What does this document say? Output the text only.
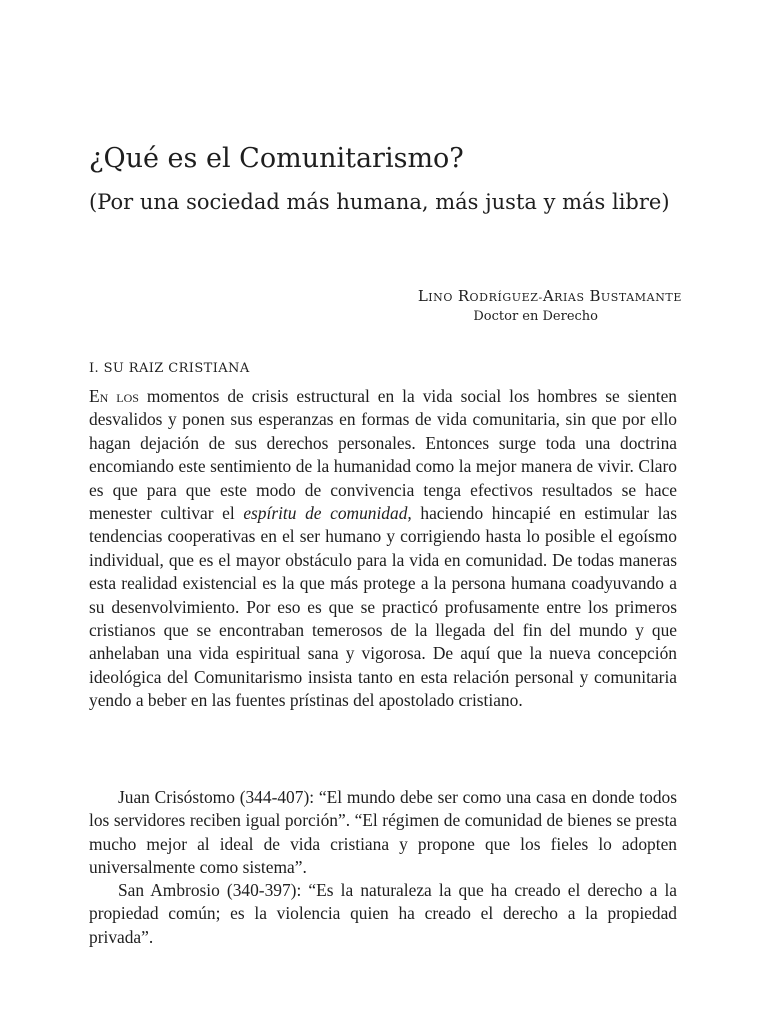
¿Qué es el Comunitarismo?
(Por una sociedad más humana, más justa y más libre)
LINO RODRÍGUEZ-ARIAS BUSTAMANTE
Doctor en Derecho
I. SU RAIZ CRISTIANA

En los momentos de crisis estructural en la vida social los hombres se sienten desvalidos y ponen sus esperanzas en formas de vida comunitaria, sin que por ello hagan dejación de sus derechos personales. Entonces surge toda una doctrina encomiando este sentimiento de la humanidad como la mejor manera de vivir. Claro es que para que este modo de convivencia tenga efectivos resultados se hace menester cultivar el espíritu de comunidad, haciendo hincapié en estimular las tendencias cooperativas en el ser humano y corrigiendo hasta lo posible el egoísmo individual, que es el mayor obstáculo para la vida en comunidad. De todas maneras esta realidad existencial es la que más protege a la persona humana coadyuvando a su desenvolvimiento. Por eso es que se practicó profusamente entre los primeros cristianos que se encontraban temerosos de la llegada del fin del mundo y que anhelaban una vida espiritual sana y vigorosa. De aquí que la nueva concepción ideológica del Comunitarismo insista tanto en esta relación personal y comunitaria yendo a beber en las fuentes prístinas del apostolado cristiano.

Juan Crisóstomo (344-407): “El mundo debe ser como una casa en donde todos los servidores reciben igual porción”. “El régimen de comunidad de bienes se presta mucho mejor al ideal de vida cristiana y propone que los fieles lo adopten universalmente como sistema”.

San Ambrosio (340-397): “Es la naturaleza la que ha creado el derecho a la propiedad común; es la violencia quien ha creado el derecho a la propiedad privada”.
